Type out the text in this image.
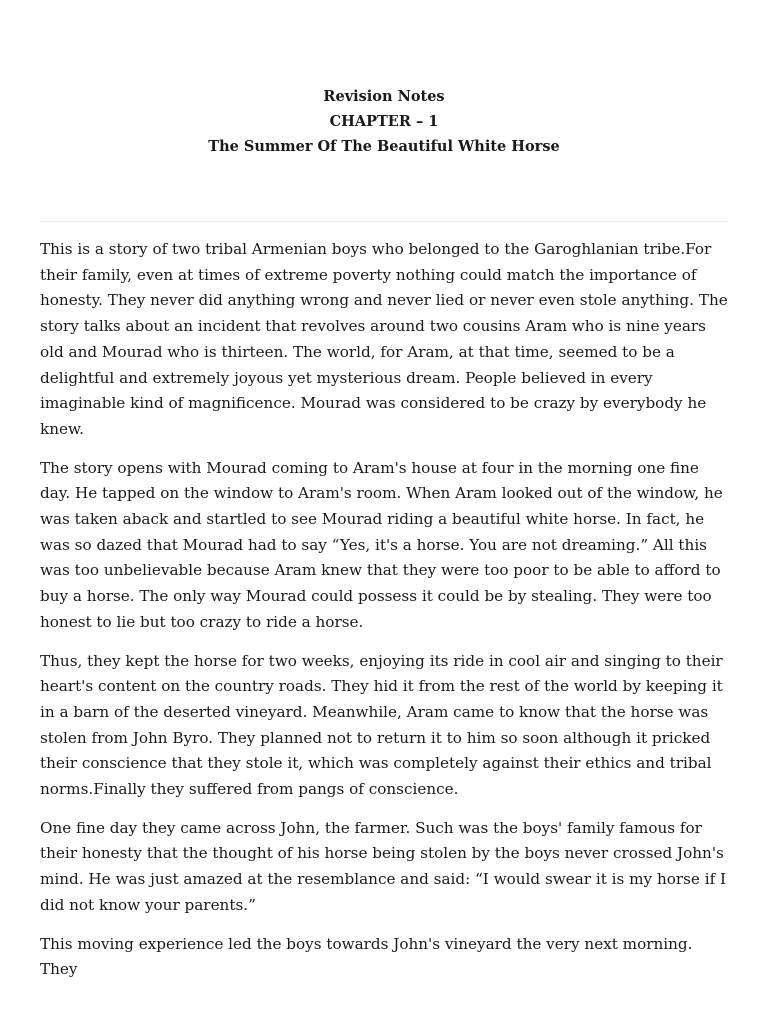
Revision Notes
CHAPTER – 1
The Summer Of The Beautiful White Horse

This is a story of two tribal Armenian boys who belonged to the Garoghlanian tribe.For their family, even at times of extreme poverty nothing could match the importance of honesty. They never did anything wrong and never lied or never even stole anything. The story talks about an incident that revolves around two cousins Aram who is nine years old and Mourad who is thirteen. The world, for Aram, at that time, seemed to be a delightful and extremely joyous yet mysterious dream. People believed in every imaginable kind of magnificence. Mourad was considered to be crazy by everybody he knew.

The story opens with Mourad coming to Aram's house at four in the morning one fine day. He tapped on the window to Aram's room. When Aram looked out of the window, he was taken aback and startled to see Mourad riding a beautiful white horse. In fact, he was so dazed that Mourad had to say “Yes, it's a horse. You are not dreaming.” All this was too unbelievable because Aram knew that they were too poor to be able to afford to buy a horse. The only way Mourad could possess it could be by stealing. They were too honest to lie but too crazy to ride a horse.

Thus, they kept the horse for two weeks, enjoying its ride in cool air and singing to their heart's content on the country roads. They hid it from the rest of the world by keeping it in a barn of the deserted vineyard. Meanwhile, Aram came to know that the horse was stolen from John Byro. They planned not to return it to him so soon although it pricked their conscience that they stole it, which was completely against their ethics and tribal norms.Finally they suffered from pangs of conscience.

One fine day they came across John, the farmer. Such was the boys' family famous for their honesty that the thought of his horse being stolen by the boys never crossed John's mind. He was just amazed at the resemblance and said: “I would swear it is my horse if I did not know your parents.”

This moving experience led the boys towards John's vineyard the very next morning. They
